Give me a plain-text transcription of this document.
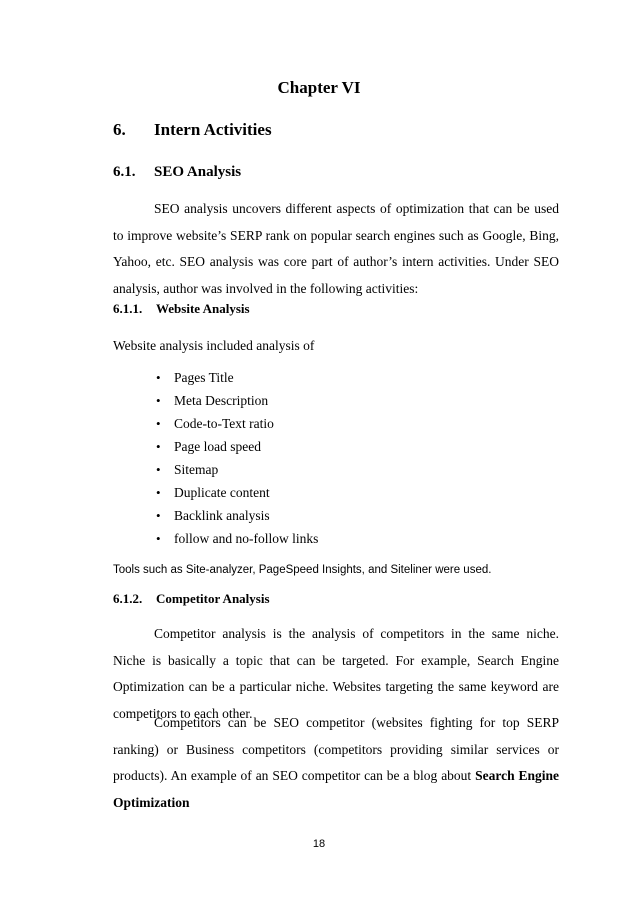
Chapter VI
6. Intern Activities
6.1. SEO Analysis
SEO analysis uncovers different aspects of optimization that can be used to improve website’s SERP rank on popular search engines such as Google, Bing, Yahoo, etc. SEO analysis was core part of author’s intern activities. Under SEO analysis, author was involved in the following activities:
6.1.1. Website Analysis
Website analysis included analysis of
• Pages Title
• Meta Description
• Code-to-Text ratio
• Page load speed
• Sitemap
• Duplicate content
• Backlink analysis
• follow and no-follow links
Tools such as Site-analyzer, PageSpeed Insights, and Siteliner were used.
6.1.2. Competitor Analysis
Competitor analysis is the analysis of competitors in the same niche. Niche is basically a topic that can be targeted. For example, Search Engine Optimization can be a particular niche. Websites targeting the same keyword are competitors to each other.
Competitors can be SEO competitor (websites fighting for top SERP ranking) or Business competitors (competitors providing similar services or products). An example of an SEO competitor can be a blog about Search Engine Optimization
18
